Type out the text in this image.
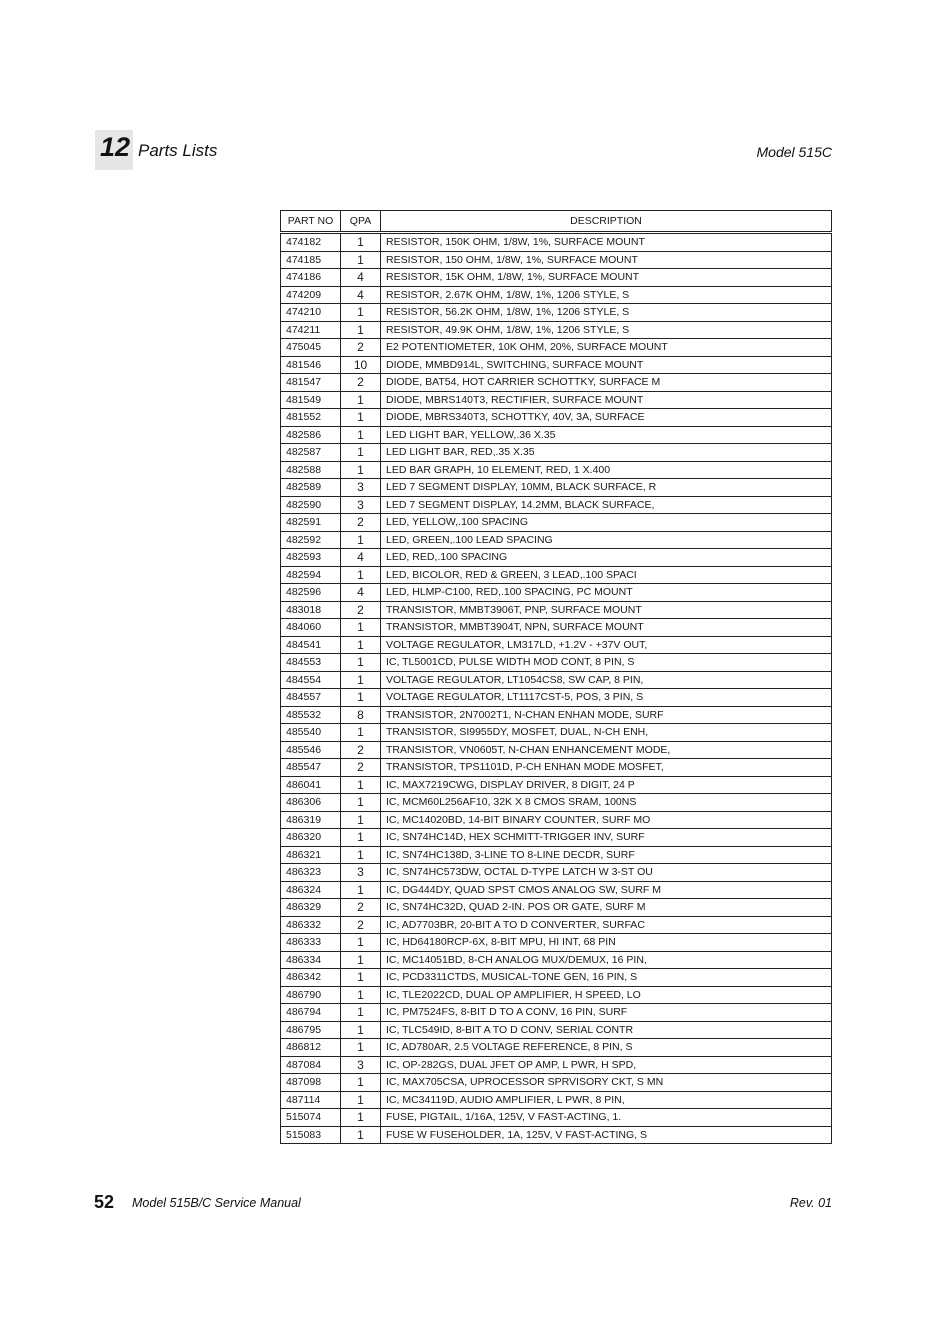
12 Parts Lists	Model 515C
PART NO	QPA	DESCRIPTION
474182	1	RESISTOR, 150K OHM, 1/8W, 1%, SURFACE MOUNT
474185	1	RESISTOR, 150 OHM, 1/8W, 1%, SURFACE MOUNT
474186	4	RESISTOR, 15K OHM, 1/8W, 1%, SURFACE MOUNT
474209	4	RESISTOR, 2.67K OHM, 1/8W, 1%, 1206 STYLE, S
474210	1	RESISTOR, 56.2K OHM, 1/8W, 1%, 1206 STYLE, S
474211	1	RESISTOR, 49.9K OHM, 1/8W, 1%, 1206 STYLE, S
475045	2	E2 POTENTIOMETER, 10K OHM, 20%, SURFACE MOUNT
481546	10	DIODE, MMBD914L, SWITCHING, SURFACE MOUNT
481547	2	DIODE, BAT54, HOT CARRIER SCHOTTKY, SURFACE M
481549	1	DIODE, MBRS140T3, RECTIFIER, SURFACE MOUNT
481552	1	DIODE, MBRS340T3, SCHOTTKY, 40V, 3A, SURFACE
482586	1	LED LIGHT BAR, YELLOW,.36 X.35
482587	1	LED LIGHT BAR, RED,.35 X.35
482588	1	LED BAR GRAPH, 10 ELEMENT, RED, 1 X.400
482589	3	LED 7 SEGMENT DISPLAY, 10MM, BLACK SURFACE, R
482590	3	LED 7 SEGMENT DISPLAY, 14.2MM, BLACK SURFACE,
482591	2	LED, YELLOW,.100 SPACING
482592	1	LED, GREEN,.100 LEAD SPACING
482593	4	LED, RED,.100 SPACING
482594	1	LED, BICOLOR, RED & GREEN, 3 LEAD,.100 SPACI
482596	4	LED, HLMP-C100, RED,.100 SPACING, PC MOUNT
483018	2	TRANSISTOR, MMBT3906T, PNP, SURFACE MOUNT
484060	1	TRANSISTOR, MMBT3904T, NPN, SURFACE MOUNT
484541	1	VOLTAGE REGULATOR, LM317LD, +1.2V - +37V OUT,
484553	1	IC, TL5001CD, PULSE WIDTH MOD CONT, 8 PIN, S
484554	1	VOLTAGE REGULATOR, LT1054CS8, SW CAP, 8 PIN,
484557	1	VOLTAGE REGULATOR, LT1117CST-5, POS, 3 PIN, S
485532	8	TRANSISTOR, 2N7002T1, N-CHAN ENHAN MODE, SURF
485540	1	TRANSISTOR, SI9955DY, MOSFET, DUAL, N-CH ENH,
485546	2	TRANSISTOR, VN0605T, N-CHAN ENHANCEMENT MODE,
485547	2	TRANSISTOR, TPS1101D, P-CH ENHAN MODE MOSFET,
486041	1	IC, MAX7219CWG, DISPLAY DRIVER, 8 DIGIT, 24 P
486306	1	IC, MCM60L256AF10, 32K X 8 CMOS SRAM, 100NS
486319	1	IC, MC14020BD, 14-BIT BINARY COUNTER, SURF MO
486320	1	IC, SN74HC14D, HEX SCHMITT-TRIGGER INV, SURF
486321	1	IC, SN74HC138D, 3-LINE TO 8-LINE DECDR, SURF
486323	3	IC, SN74HC573DW, OCTAL D-TYPE LATCH W 3-ST OU
486324	1	IC, DG444DY, QUAD SPST CMOS ANALOG SW, SURF M
486329	2	IC, SN74HC32D, QUAD 2-IN. POS OR GATE, SURF M
486332	2	IC, AD7703BR, 20-BIT A TO D CONVERTER, SURFAC
486333	1	IC, HD64180RCP-6X, 8-BIT MPU, HI INT, 68 PIN
486334	1	IC, MC14051BD, 8-CH ANALOG MUX/DEMUX, 16 PIN,
486342	1	IC, PCD3311CTDS, MUSICAL-TONE GEN, 16 PIN, S
486790	1	IC, TLE2022CD, DUAL OP AMPLIFIER, H SPEED, LO
486794	1	IC, PM7524FS, 8-BIT D TO A CONV, 16 PIN, SURF
486795	1	IC, TLC549ID, 8-BIT A TO D CONV, SERIAL CONTR
486812	1	IC, AD780AR, 2.5 VOLTAGE REFERENCE, 8 PIN, S
487084	3	IC, OP-282GS, DUAL JFET OP AMP, L PWR, H SPD,
487098	1	IC, MAX705CSA, UPROCESSOR SPRVISORY CKT, S MN
487114	1	IC, MC34119D, AUDIO AMPLIFIER, L PWR, 8 PIN,
515074	1	FUSE, PIGTAIL, 1/16A, 125V, V FAST-ACTING, 1.
515083	1	FUSE W FUSEHOLDER, 1A, 125V, V FAST-ACTING, S
52 Model 515B/C Service Manual	Rev. 01
